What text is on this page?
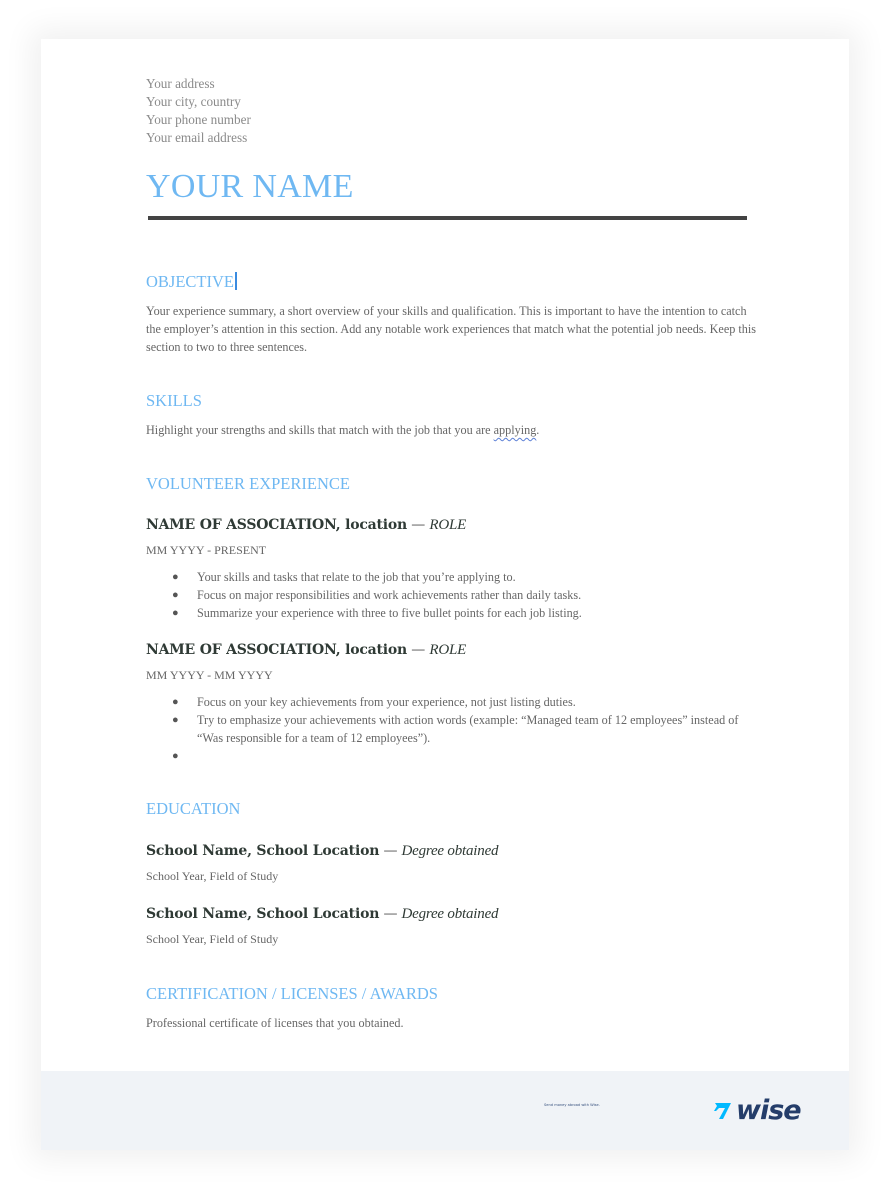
Your address
Your city, country
Your phone number
Your email address
YOUR NAME
OBJECTIVE
Your experience summary, a short overview of your skills and qualification. This is important to have the intention to catch the employer’s attention in this section. Add any notable work experiences that match what the potential job needs. Keep this section to two to three sentences.
SKILLS
Highlight your strengths and skills that match with the job that you are applying.
VOLUNTEER EXPERIENCE
NAME OF ASSOCIATION, location — ROLE
MM YYYY - PRESENT
● Your skills and tasks that relate to the job that you’re applying to.
● Focus on major responsibilities and work achievements rather than daily tasks.
● Summarize your experience with three to five bullet points for each job listing.
NAME OF ASSOCIATION, location — ROLE
MM YYYY - MM YYYY
● Focus on your key achievements from your experience, not just listing duties.
● Try to emphasize your achievements with action words (example: “Managed team of 12 employees” instead of “Was responsible for a team of 12 employees”).
●
EDUCATION
School Name, School Location — Degree obtained
School Year, Field of Study
School Name, School Location — Degree obtained
School Year, Field of Study
CERTIFICATION / LICENSES / AWARDS
Professional certificate of licenses that you obtained.
Send money abroad with Wise.	wise
